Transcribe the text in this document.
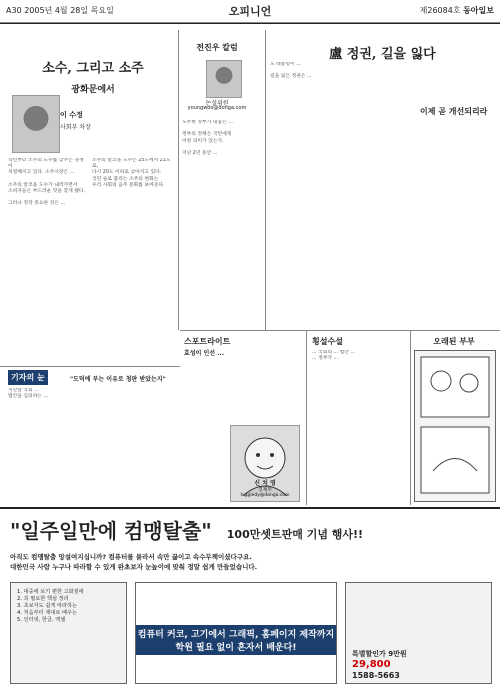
A30 2005년 4월 28일 목요일	오피니언	제26084호 동아일보
소수, 그리고 소주
광화문에서
이 수정
사회부 차장
작년부터 소주의 도수를 낮추는 경쟁이
치열해지고 있다. 소주시장은 ...

소주의 알코올 도수가 내려가면서
소비자들은 부드러운 맛을 찾게 됐다.

그러나 정작 중요한 것은 ...
소주의 알코올 도수는 25도에서 21도로,
다시 20도 이하로 낮아지고 있다.
국민 술로 불리는 소주의 변화는
우리 사회의 음주 문화를 보여준다.
전진우 칼럼
논설위원
youngwoo@donga.com
노무현 정부가 내놓은 ...

정부의 정책은 국민에게
어떤 의미가 있는가.

지난 2년 동안 ...
盧 정권, 길을 잃다
노 대통령이 ...

길을 잃은 정권은 ...
이제 곧 개선되리라
스포트라이트
효성이 인선 ...
신 치 영
경제부
higgledy@donga.com
횡설수설
... 국회의 ... 법안 ...
... 정부가 ...
오래된 부부
기자의 눈	"도덕에 부는 이유로 청판 받았는지"
지난달 국회 ...
법안을 심의하는 ...
"일주일만에 컴맹탈출" 100만셋트판매 기념 행사!!
아직도 컴맹탈출 망설여지십니까? 컴퓨터를 몰라서 속만 끓이고 속수무책이셨다구요.
대한민국 사람 누구나 따라할 수 있게 완초보자 눈높이에 맞춰 정말 쉽게 만들었습니다.
1. 대중에 보기 편한 고화질에
2. 꼭 필요한 핵심 정리
3. 초보자도 쉽게 따라하는
4. 처음부터 제대로 배우는
5. 인터넷, 한글, 엑셀
컴퓨터 커코, 고기에서 그래픽, 홈페이지 제작까지 학원 필요 없이 혼자서 배운다!
특별할인가 9만원
29,800
1588-5663
